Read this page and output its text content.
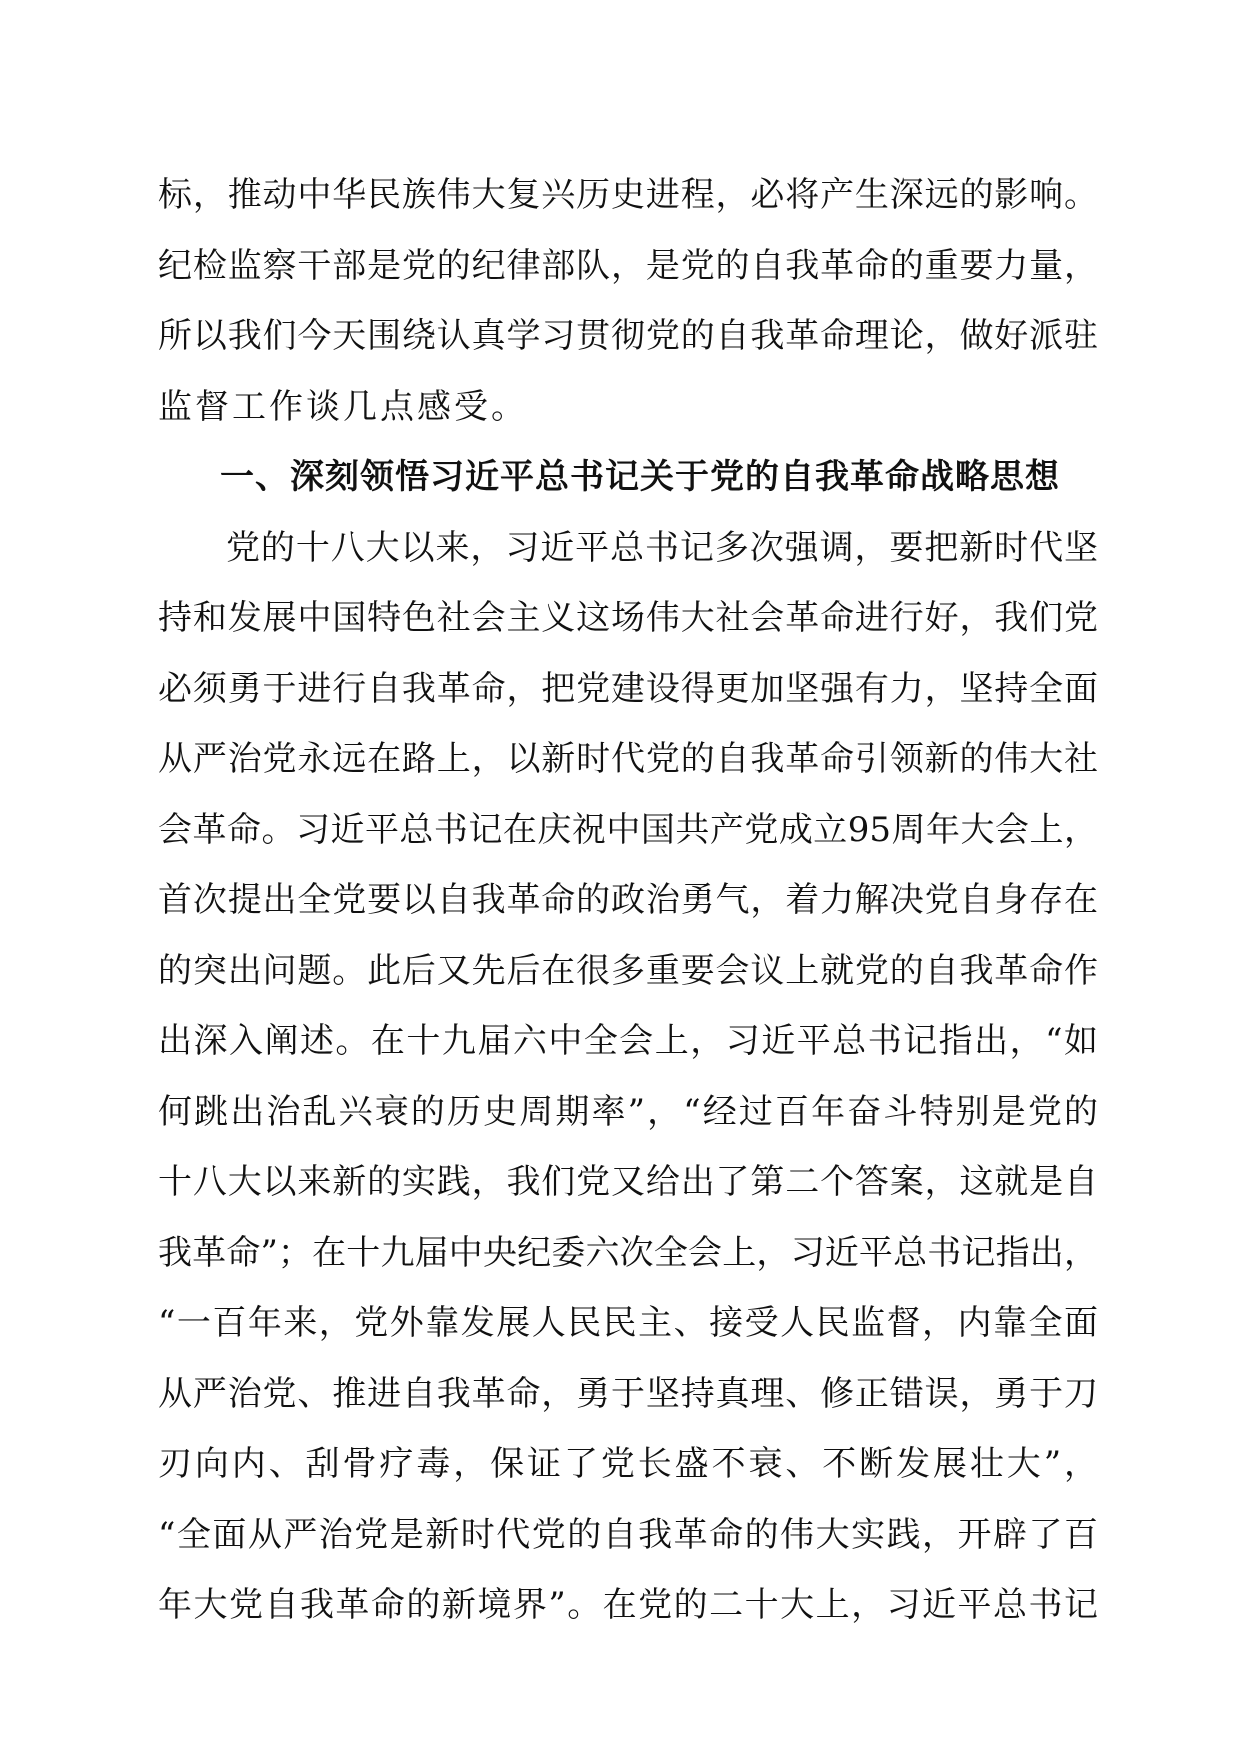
标，推动中华民族伟大复兴历史进程，必将产生深远的影响。
纪检监察干部是党的纪律部队，是党的自我革命的重要力量，
所以我们今天围绕认真学习贯彻党的自我革命理论，做好派驻
监督工作谈几点感受。
一、深刻领悟习近平总书记关于党的自我革命战略思想
党的十八大以来，习近平总书记多次强调，要把新时代坚
持和发展中国特色社会主义这场伟大社会革命进行好，我们党
必须勇于进行自我革命，把党建设得更加坚强有力，坚持全面
从严治党永远在路上，以新时代党的自我革命引领新的伟大社
会革命。习近平总书记在庆祝中国共产党成立95周年大会上，
首次提出全党要以自我革命的政治勇气，着力解决党自身存在
的突出问题。此后又先后在很多重要会议上就党的自我革命作
出深入阐述。在十九届六中全会上，习近平总书记指出，“如
何跳出治乱兴衰的历史周期率”，“经过百年奋斗特别是党的
十八大以来新的实践，我们党又给出了第二个答案，这就是自
我革命”；在十九届中央纪委六次全会上，习近平总书记指出，
“一百年来，党外靠发展人民民主、接受人民监督，内靠全面
从严治党、推进自我革命，勇于坚持真理、修正错误，勇于刀
刃向内、刮骨疗毒，保证了党长盛不衰、不断发展壮大”，
“全面从严治党是新时代党的自我革命的伟大实践，开辟了百
年大党自我革命的新境界”。在党的二十大上，习近平总书记
